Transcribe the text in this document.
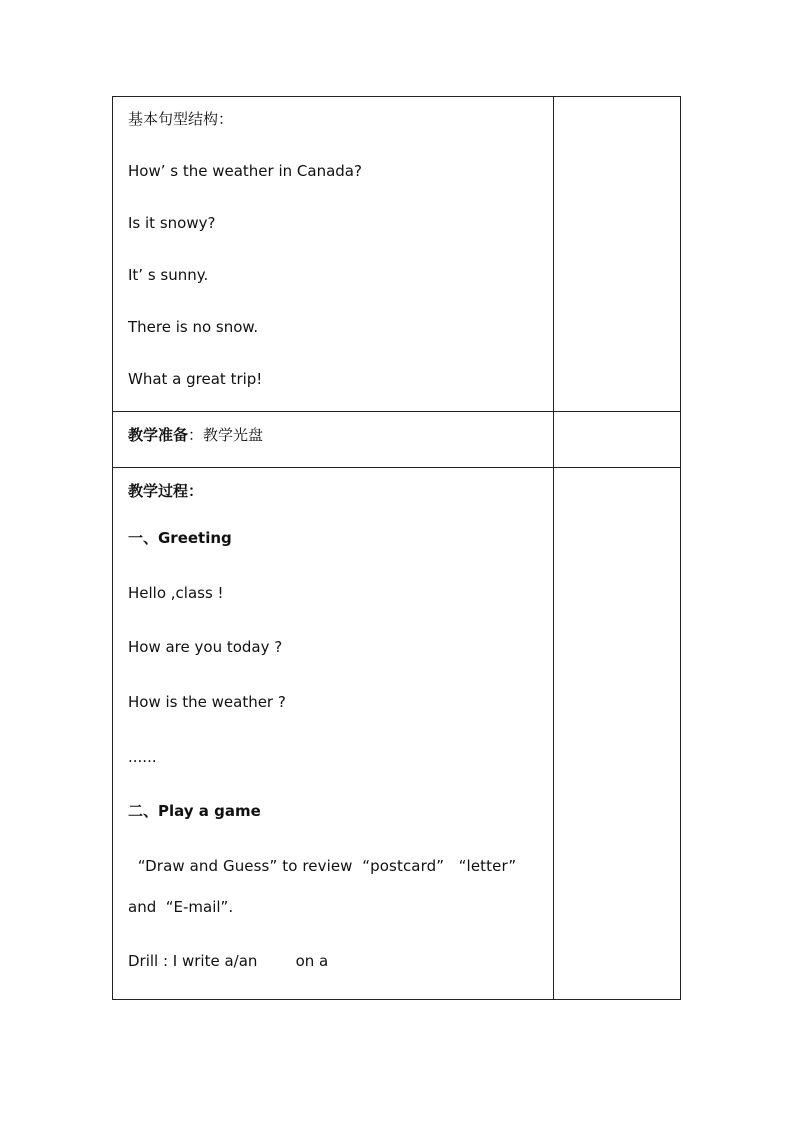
基本句型结构：
How’ s the weather in Canada?
Is it snowy?
It’ s sunny.
There is no snow.
What a great trip!
教学准备：教学光盘
教学过程：
一、Greeting
Hello ,class !
How are you today ?
How is the weather ?
......
二、Play a game
“Draw and Guess” to review  “postcard”   “letter”
and  “E-mail”.
Drill : I write a/an        on a
